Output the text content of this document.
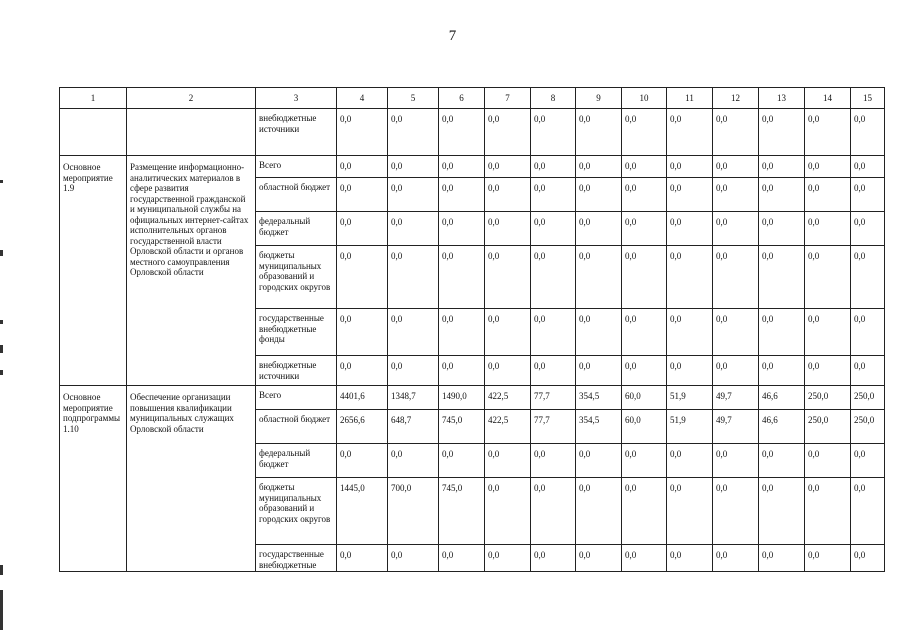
7
1	2	3	4	5	6	7	8	9	10	11	12	13	14	15
		внебюджетные источники	0,0	0,0	0,0	0,0	0,0	0,0	0,0	0,0	0,0	0,0	0,0	0,0
Основное мероприятие 1.9	Размещение информационно-аналитических материалов в сфере развития государственной гражданской и муниципальной службы на официальных интернет-сайтах исполнительных органов государственной власти Орловской области и органов местного самоуправления Орловской области	Всего	0,0	0,0	0,0	0,0	0,0	0,0	0,0	0,0	0,0	0,0	0,0	0,0
		областной бюджет	0,0	0,0	0,0	0,0	0,0	0,0	0,0	0,0	0,0	0,0	0,0	0,0
		федеральный бюджет	0,0	0,0	0,0	0,0	0,0	0,0	0,0	0,0	0,0	0,0	0,0	0,0
		бюджеты муниципальных образований и городских округов	0,0	0,0	0,0	0,0	0,0	0,0	0,0	0,0	0,0	0,0	0,0	0,0
		государственные внебюджетные фонды	0,0	0,0	0,0	0,0	0,0	0,0	0,0	0,0	0,0	0,0	0,0	0,0
		внебюджетные источники	0,0	0,0	0,0	0,0	0,0	0,0	0,0	0,0	0,0	0,0	0,0	0,0
Основное мероприятие подпрограммы 1.10	Обеспечение организации повышения квалификации муниципальных служащих Орловской области	Всего	4401,6	1348,7	1490,0	422,5	77,7	354,5	60,0	51,9	49,7	46,6	250,0	250,0
		областной бюджет	2656,6	648,7	745,0	422,5	77,7	354,5	60,0	51,9	49,7	46,6	250,0	250,0
		федеральный бюджет	0,0	0,0	0,0	0,0	0,0	0,0	0,0	0,0	0,0	0,0	0,0	0,0
		бюджеты муниципальных образований и городских округов	1445,0	700,0	745,0	0,0	0,0	0,0	0,0	0,0	0,0	0,0	0,0	0,0
		государственные внебюджетные	0,0	0,0	0,0	0,0	0,0	0,0	0,0	0,0	0,0	0,0	0,0	0,0
